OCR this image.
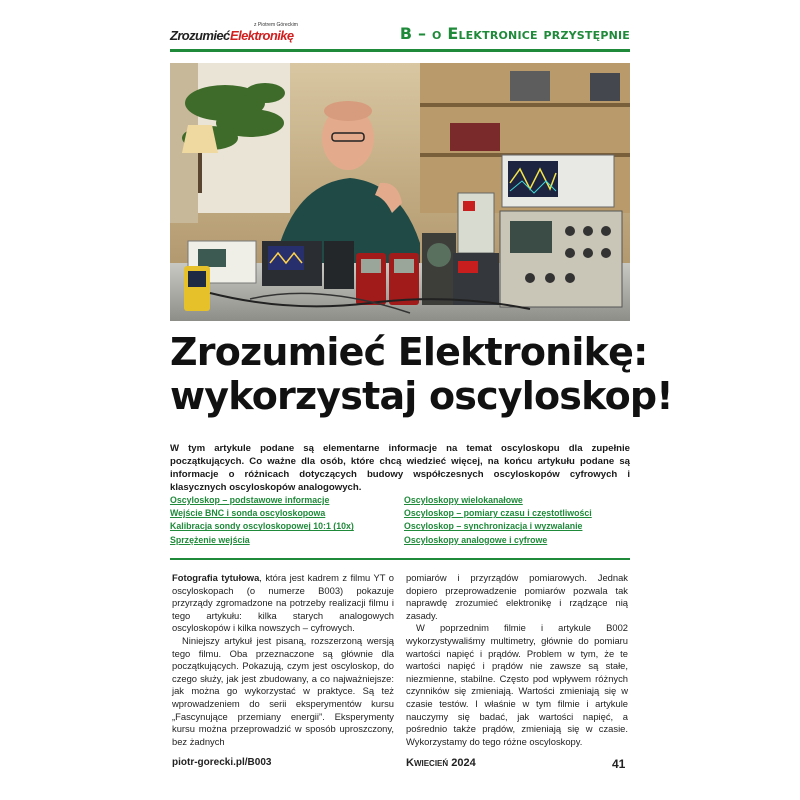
z Piotrem Góreckim
Zrozumieć Elektronikę	B – o Elektronice przystępnie
Zrozumieć Elektronikę:
wykorzystaj oscyloskop!
W tym artykule podane są elementarne informacje na temat oscyloskopu dla zupełnie początkujących. Co ważne dla osób, które chcą wiedzieć więcej, na końcu artykułu podane są informacje o różnicach dotyczących budowy współczesnych oscyloskopów cyfrowych i klasycznych oscyloskopów analogowych.
Oscyloskop – podstawowe informacje
Wejście BNC i sonda oscyloskopowa
Kalibracja sondy oscyloskopowej 10:1 (10x)
Sprzężenie wejścia
Oscyloskopy wielokanałowe
Oscyloskop – pomiary czasu i częstotliwości
Oscyloskop – synchronizacja i wyzwalanie
Oscyloskopy analogowe i cyfrowe

Fotografia tytułowa, która jest kadrem z filmu YT o oscyloskopach (o numerze B003) pokazuje przyrządy zgromadzone na potrzeby realizacji filmu i tego artykułu: kilka starych analogowych oscyloskopów i kilka nowszych – cyfrowych.

Niniejszy artykuł jest pisaną, rozszerzoną wersją tego filmu. Oba przeznaczone są głównie dla początkujących. Pokazują, czym jest oscyloskop, do czego służy, jak jest zbudowany, a co najważniejsze: jak można go wykorzystać w praktyce. Są też wprowadzeniem do serii eksperymentów kursu „Fascynujące przemiany energii”. Eksperymenty kursu można przeprowadzić w sposób uproszczony, bez żadnych

pomiarów i przyrządów pomiarowych. Jednak dopiero przeprowadzenie pomiarów pozwala tak naprawdę zrozumieć elektronikę i rządzące nią zasady.

W poprzednim filmie i artykule B002 wykorzystywaliśmy multimetry, głównie do pomiaru wartości napięć i prądów. Problem w tym, że te wartości napięć i prądów nie zawsze są stałe, niezmienne, stabilne. Często pod wpływem różnych czynników się zmieniają. Wartości zmieniają się w czasie testów. I właśnie w tym filmie i artykule nauczymy się badać, jak wartości napięć, a pośrednio także prądów, zmieniają się w czasie. Wykorzystamy do tego różne oscyloskopy.

piotr-gorecki.pl/B003	Kwiecień 2024	41
